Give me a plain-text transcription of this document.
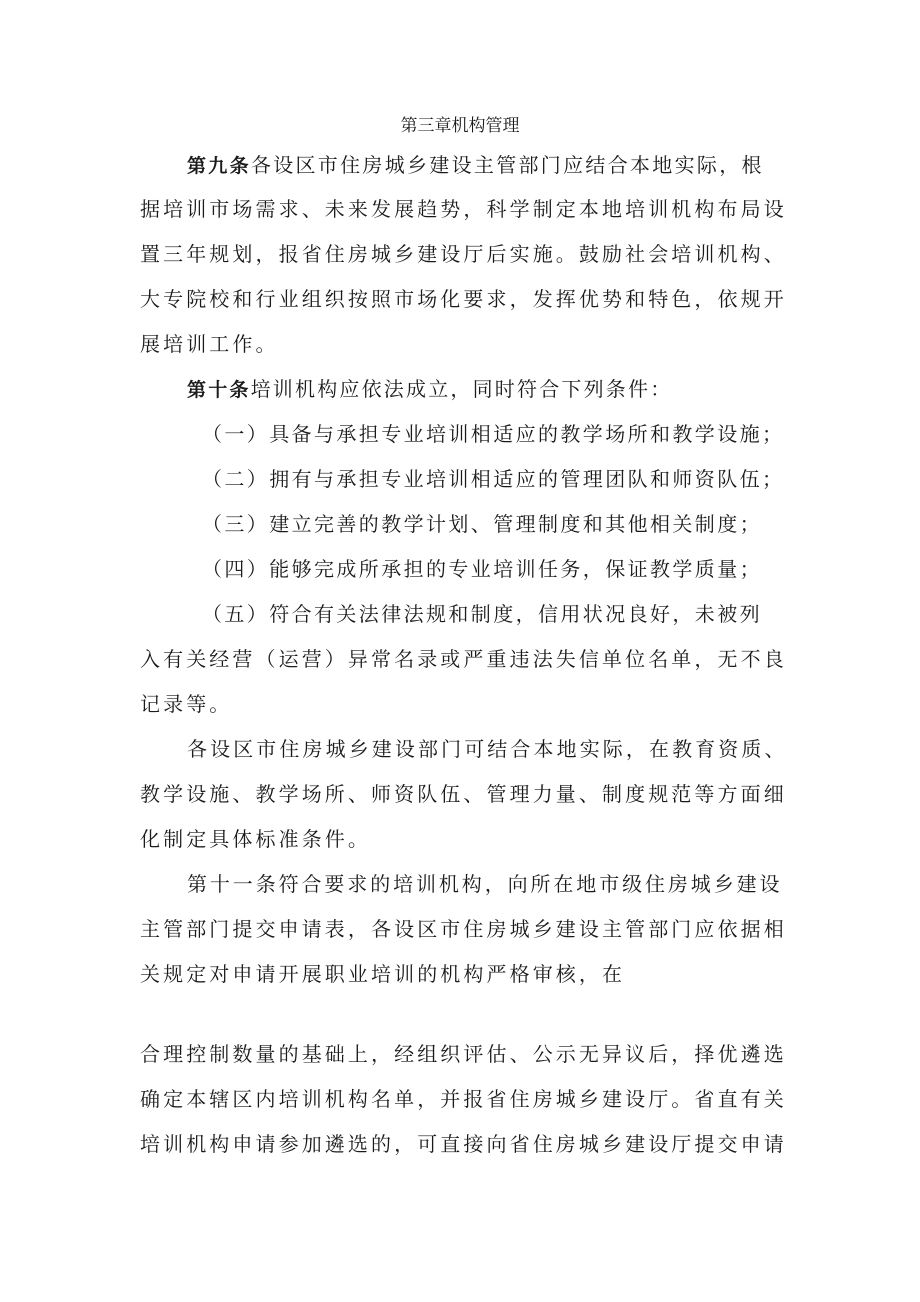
第三章机构管理
第九条各设区市住房城乡建设主管部门应结合本地实际，根
据培训市场需求、未来发展趋势，科学制定本地培训机构布局设
置三年规划，报省住房城乡建设厅后实施。鼓励社会培训机构、
大专院校和行业组织按照市场化要求，发挥优势和特色，依规开
展培训工作。
第十条培训机构应依法成立，同时符合下列条件：
（一）具备与承担专业培训相适应的教学场所和教学设施；
（二）拥有与承担专业培训相适应的管理团队和师资队伍；
（三）建立完善的教学计划、管理制度和其他相关制度；
（四）能够完成所承担的专业培训任务，保证教学质量；
（五）符合有关法律法规和制度，信用状况良好，未被列
入有关经营（运营）异常名录或严重违法失信单位名单，无不良
记录等。
各设区市住房城乡建设部门可结合本地实际，在教育资质、
教学设施、教学场所、师资队伍、管理力量、制度规范等方面细
化制定具体标准条件。
第十一条符合要求的培训机构，向所在地市级住房城乡建设
主管部门提交申请表，各设区市住房城乡建设主管部门应依据相
关规定对申请开展职业培训的机构严格审核，在
合理控制数量的基础上，经组织评估、公示无异议后，择优遴选
确定本辖区内培训机构名单，并报省住房城乡建设厅。省直有关
培训机构申请参加遴选的，可直接向省住房城乡建设厅提交申请
